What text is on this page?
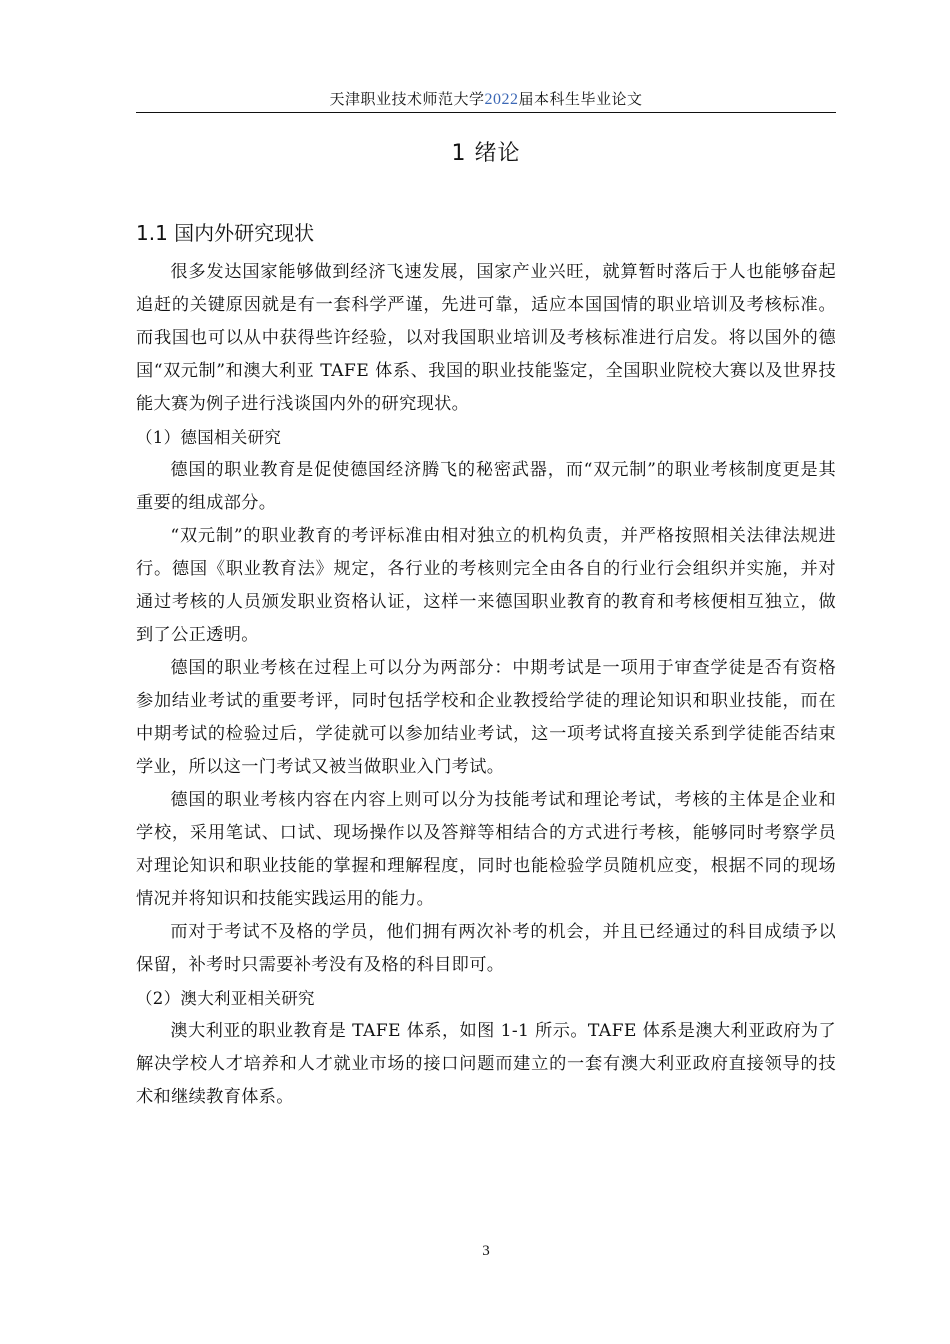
天津职业技术师范大学2022届本科生毕业论文
1 绪论
1.1 国内外研究现状

很多发达国家能够做到经济飞速发展，国家产业兴旺，就算暂时落后于人也能够奋起追赶的关键原因就是有一套科学严谨，先进可靠，适应本国国情的职业培训及考核标准。而我国也可以从中获得些许经验，以对我国职业培训及考核标准进行启发。将以国外的德国“双元制”和澳大利亚 TAFE 体系、我国的职业技能鉴定，全国职业院校大赛以及世界技能大赛为例子进行浅谈国内外的研究现状。

（1）德国相关研究

德国的职业教育是促使德国经济腾飞的秘密武器，而“双元制”的职业考核制度更是其重要的组成部分。

“双元制”的职业教育的考评标准由相对独立的机构负责，并严格按照相关法律法规进行。德国《职业教育法》规定，各行业的考核则完全由各自的行业行会组织并实施，并对通过考核的人员颁发职业资格认证，这样一来德国职业教育的教育和考核便相互独立，做到了公正透明。

德国的职业考核在过程上可以分为两部分：中期考试是一项用于审查学徒是否有资格参加结业考试的重要考评，同时包括学校和企业教授给学徒的理论知识和职业技能，而在中期考试的检验过后，学徒就可以参加结业考试，这一项考试将直接关系到学徒能否结束学业，所以这一门考试又被当做职业入门考试。

德国的职业考核内容在内容上则可以分为技能考试和理论考试，考核的主体是企业和学校，采用笔试、口试、现场操作以及答辩等相结合的方式进行考核，能够同时考察学员对理论知识和职业技能的掌握和理解程度，同时也能检验学员随机应变，根据不同的现场情况并将知识和技能实践运用的能力。

而对于考试不及格的学员，他们拥有两次补考的机会，并且已经通过的科目成绩予以保留，补考时只需要补考没有及格的科目即可。

（2）澳大利亚相关研究

澳大利亚的职业教育是 TAFE 体系，如图 1-1 所示。TAFE 体系是澳大利亚政府为了解决学校人才培养和人才就业市场的接口问题而建立的一套有澳大利亚政府直接领导的技术和继续教育体系。

3
